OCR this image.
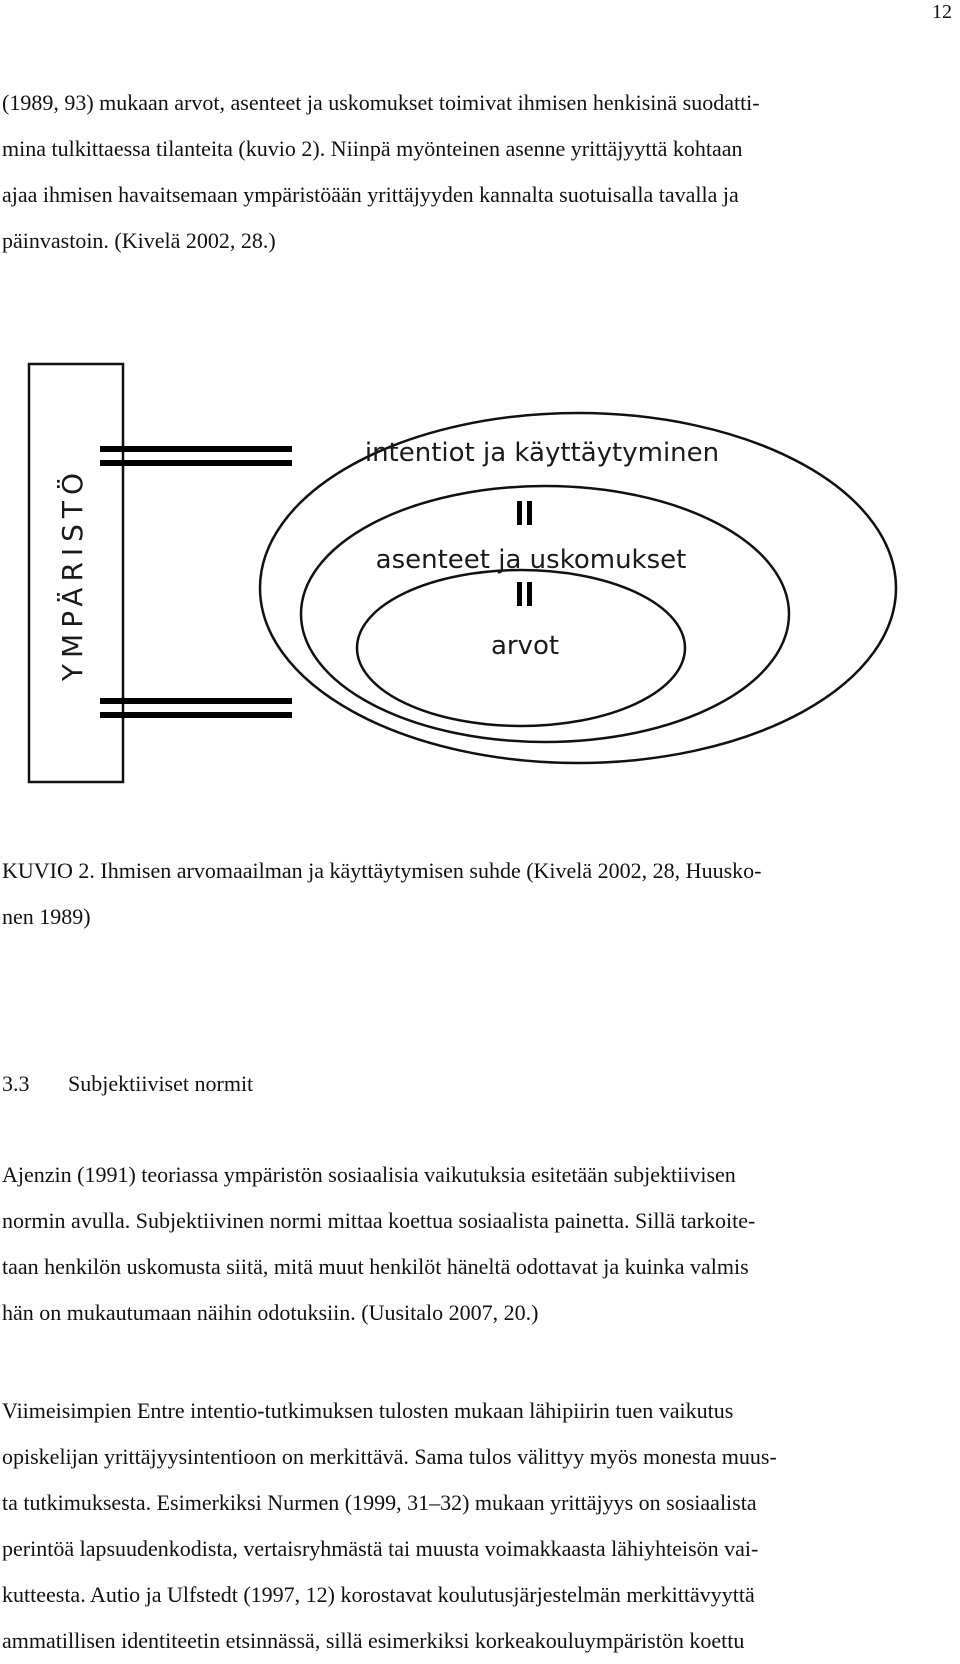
12

(1989, 93) mukaan arvot, asenteet ja uskomukset toimivat ihmisen henkisinä suodatti-
mina tulkittaessa tilanteita (kuvio 2). Niinpä myönteinen asenne yrittäjyyttä kohtaan
ajaa ihmisen havaitsemaan ympäristöään yrittäjyyden kannalta suotuisalla tavalla ja
päinvastoin. (Kivelä 2002, 28.)

YMPÄRISTÖ
intentiot ja käyttäytyminen
asenteet ja uskomukset
arvot

KUVIO 2. Ihmisen arvomaailman ja käyttäytymisen suhde (Kivelä 2002, 28, Huusko-
nen 1989)

3.3 Subjektiiviset normit

Ajenzin (1991) teoriassa ympäristön sosiaalisia vaikutuksia esitetään subjektiivisen
normin avulla. Subjektiivinen normi mittaa koettua sosiaalista painetta. Sillä tarkoite-
taan henkilön uskomusta siitä, mitä muut henkilöt häneltä odottavat ja kuinka valmis
hän on mukautumaan näihin odotuksiin. (Uusitalo 2007, 20.)

Viimeisimpien Entre intentio-tutkimuksen tulosten mukaan lähipiirin tuen vaikutus
opiskelijan yrittäjyysintentioon on merkittävä. Sama tulos välittyy myös monesta muus-
ta tutkimuksesta. Esimerkiksi Nurmen (1999, 31–32) mukaan yrittäjyys on sosiaalista
perintöä lapsuudenkodista, vertaisryhmästä tai muusta voimakkaasta lähiyhteisön vai-
kutteesta. Autio ja Ulfstedt (1997, 12) korostavat koulutusjärjestelmän merkittävyyttä
ammatillisen identiteetin etsinnässä, sillä esimerkiksi korkeakouluympäristön koettu
